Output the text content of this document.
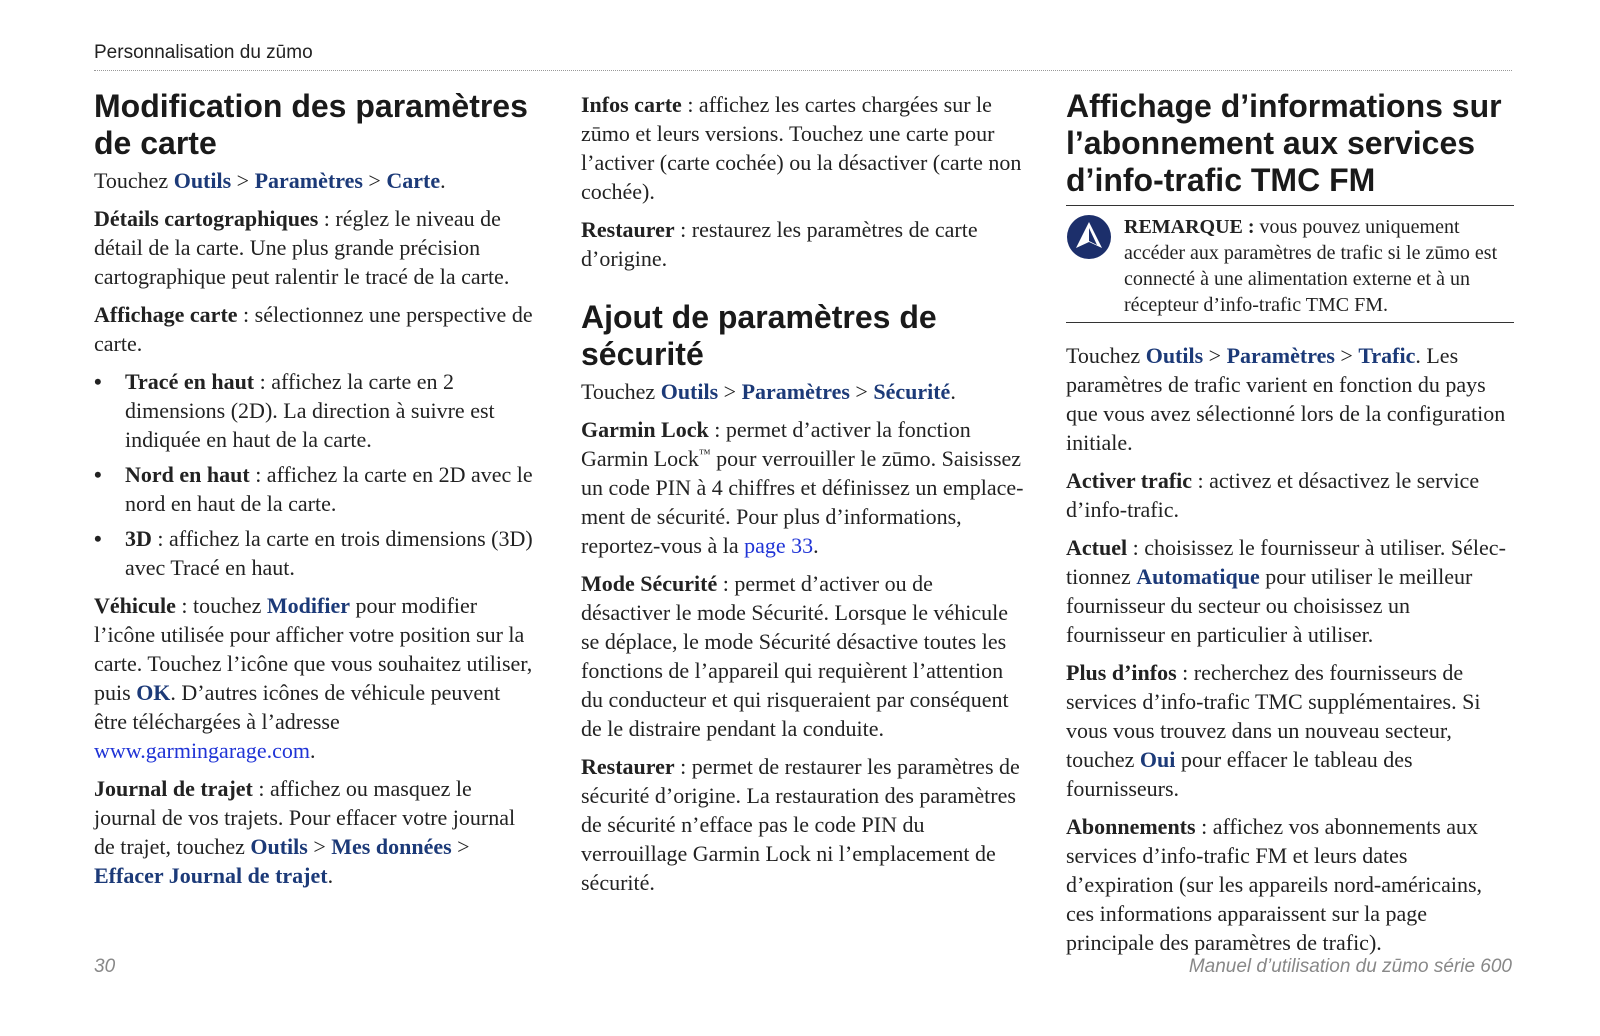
Personnalisation du zūmo
Modification des paramètres de carte

Touchez Outils > Paramètres > Carte.

Détails cartographiques : réglez le niveau de détail de la carte. Une plus grande précision cartographique peut ralentir le tracé de la carte.

Affichage carte : sélectionnez une perspective de carte.

• Tracé en haut : affichez la carte en 2 dimensions (2D). La direction à suivre est indiquée en haut de la carte.
• Nord en haut : affichez la carte en 2D avec le nord en haut de la carte.
• 3D : affichez la carte en trois dimensions (3D) avec Tracé en haut.

Véhicule : touchez Modifier pour modifier l’icône utilisée pour afficher votre position sur la carte. Touchez l’icône que vous souhaitez utiliser, puis OK. D’autres icônes de véhicule peuvent être téléchargées à l’adresse www.garmingarage.com.

Journal de trajet : affichez ou masquez le journal de vos trajets. Pour effacer votre journal de trajet, touchez Outils > Mes données > Effacer Journal de trajet.

Infos carte : affichez les cartes chargées sur le zūmo et leurs versions. Touchez une carte pour l’activer (carte cochée) ou la désactiver (carte non cochée).

Restaurer : restaurez les paramètres de carte d’origine.

Ajout de paramètres de sécurité

Touchez Outils > Paramètres > Sécurité.

Garmin Lock : permet d’activer la fonction Garmin Lock™ pour verrouiller le zūmo. Saisissez un code PIN à 4 chiffres et définissez un emplacement de sécurité. Pour plus d’informations, reportez-vous à la page 33.

Mode Sécurité : permet d’activer ou de désactiver le mode Sécurité. Lorsque le véhicule se déplace, le mode Sécurité désactive toutes les fonctions de l’appareil qui requièrent l’attention du conducteur et qui risqueraient par conséquent de le distraire pendant la conduite.

Restaurer : permet de restaurer les paramètres de sécurité d’origine. La restauration des paramètres de sécurité n’efface pas le code PIN du verrouillage Garmin Lock ni l’emplacement de sécurité.

Affichage d’informations sur l’abonnement aux services d’info-trafic TMC FM
REMARQUE : vous pouvez uniquement accéder aux paramètres de trafic si le zūmo est connecté à une alimentation externe et à un récepteur d’info-trafic TMC FM.

Touchez Outils > Paramètres > Trafic. Les paramètres de trafic varient en fonction du pays que vous avez sélectionné lors de la configuration initiale.

Activer trafic : activez et désactivez le service d’info-trafic.

Actuel : choisissez le fournisseur à utiliser. Sélectionnez Automatique pour utiliser le meilleur fournisseur du secteur ou choisissez un fournisseur en particulier à utiliser.

Plus d’infos : recherchez des fournisseurs de services d’info-trafic TMC supplémentaires. Si vous vous trouvez dans un nouveau secteur, touchez Oui pour effacer le tableau des fournisseurs.

Abonnements : affichez vos abonnements aux services d’info-trafic FM et leurs dates d’expiration (sur les appareils nord-américains, ces informations apparaissent sur la page principale des paramètres de trafic).

30	Manuel d’utilisation du zūmo série 600
